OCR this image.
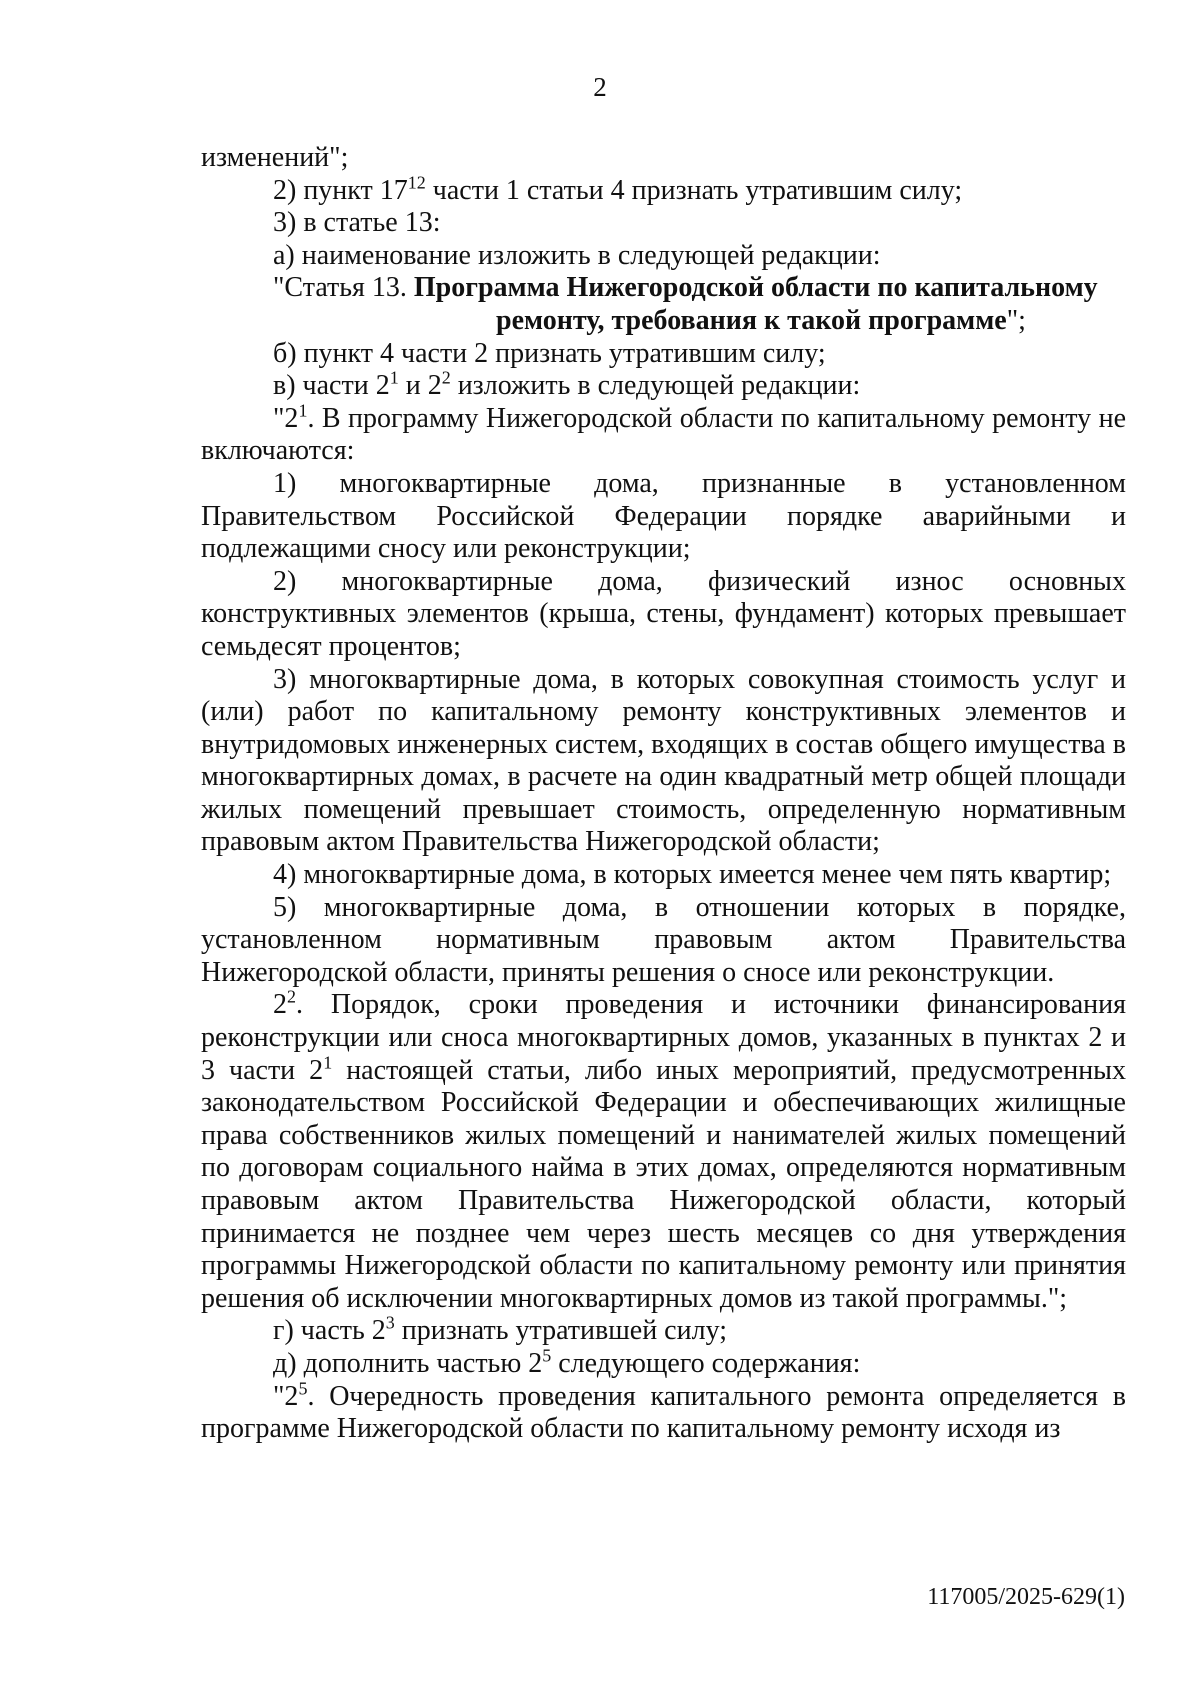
2

изменений";

2) пункт $17^{12}$ части 1 статьи 4 признать утратившим силу;

3) в статье 13:

а) наименование изложить в следующей редакции:

"Статья 13. Программа Нижегородской области по капитальному

ремонту, требования к такой программе";

б) пункт 4 части 2 признать утратившим силу;

в) части $2^1$ и $2^2$ изложить в следующей редакции:

"$2^1$. В программу Нижегородской области по капитальному ремонту не включаются:

1) многоквартирные дома, признанные в установленном Правительством Российской Федерации порядке аварийными и подлежащими сносу или реконструкции;

2) многоквартирные дома, физический износ основных конструктивных элементов (крыша, стены, фундамент) которых превышает семьдесят процентов;

3) многоквартирные дома, в которых совокупная стоимость услуг и (или) работ по капитальному ремонту конструктивных элементов и внутридомовых инженерных систем, входящих в состав общего имущества в многоквартирных домах, в расчете на один квадратный метр общей площади жилых помещений превышает стоимость, определенную нормативным правовым актом Правительства Нижегородской области;

4) многоквартирные дома, в которых имеется менее чем пять квартир;

5) многоквартирные дома, в отношении которых в порядке, установленном нормативным правовым актом Правительства Нижегородской области, приняты решения о сносе или реконструкции.

$2^2$. Порядок, сроки проведения и источники финансирования реконструкции или сноса многоквартирных домов, указанных в пунктах 2 и 3 части $2^1$ настоящей статьи, либо иных мероприятий, предусмотренных законодательством Российской Федерации и обеспечивающих жилищные права собственников жилых помещений и нанимателей жилых помещений по договорам социального найма в этих домах, определяются нормативным правовым актом Правительства Нижегородской области, который принимается не позднее чем через шесть месяцев со дня утверждения программы Нижегородской области по капитальному ремонту или принятия решения об исключении многоквартирных домов из такой программы.";

г) часть $2^3$ признать утратившей силу;

д) дополнить частью $2^5$ следующего содержания:

"$2^5$. Очередность проведения капитального ремонта определяется в программе Нижегородской области по капитальному ремонту исходя из

117005/2025-629(1)
